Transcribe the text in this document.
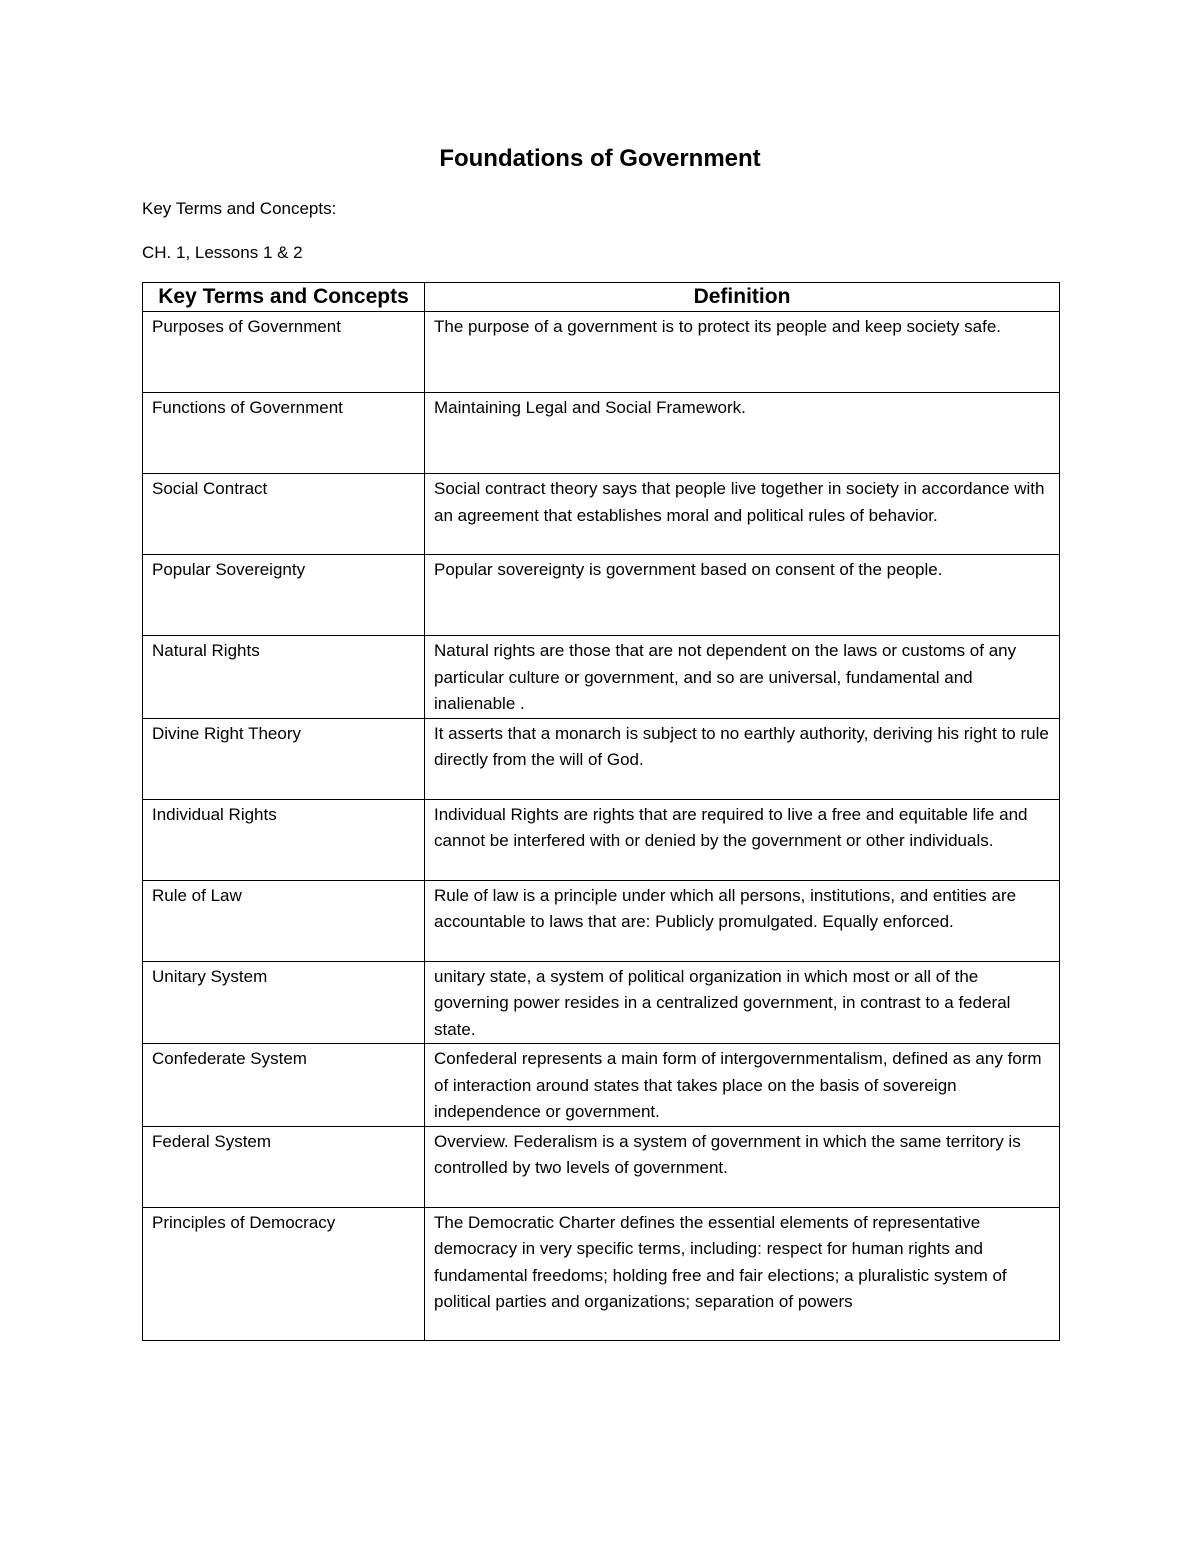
Foundations of Government
Key Terms and Concepts:
CH. 1, Lessons 1 & 2
Key Terms and Concepts	Definition
Purposes of Government	The purpose of a government is to protect its people and keep society safe.
Functions of Government	Maintaining Legal and Social Framework.
Social Contract	Social contract theory says that people live together in society in accordance with an agreement that establishes moral and political rules of behavior.
Popular Sovereignty	Popular sovereignty is government based on consent of the people.
Natural Rights	Natural rights are those that are not dependent on the laws or customs of any particular culture or government, and so are universal, fundamental and inalienable .
Divine Right Theory	It asserts that a monarch is subject to no earthly authority, deriving his right to rule directly from the will of God.
Individual Rights	Individual Rights are rights that are required to live a free and equitable life and cannot be interfered with or denied by the government or other individuals.
Rule of Law	Rule of law is a principle under which all persons, institutions, and entities are accountable to laws that are: Publicly promulgated. Equally enforced.
Unitary System	unitary state, a system of political organization in which most or all of the governing power resides in a centralized government, in contrast to a federal state.
Confederate System	Confederal represents a main form of intergovernmentalism, defined as any form of interaction around states that takes place on the basis of sovereign independence or government.
Federal System	Overview. Federalism is a system of government in which the same territory is controlled by two levels of government.
Principles of Democracy	The Democratic Charter defines the essential elements of representative democracy in very specific terms, including: respect for human rights and fundamental freedoms; holding free and fair elections; a pluralistic system of political parties and organizations; separation of powers
